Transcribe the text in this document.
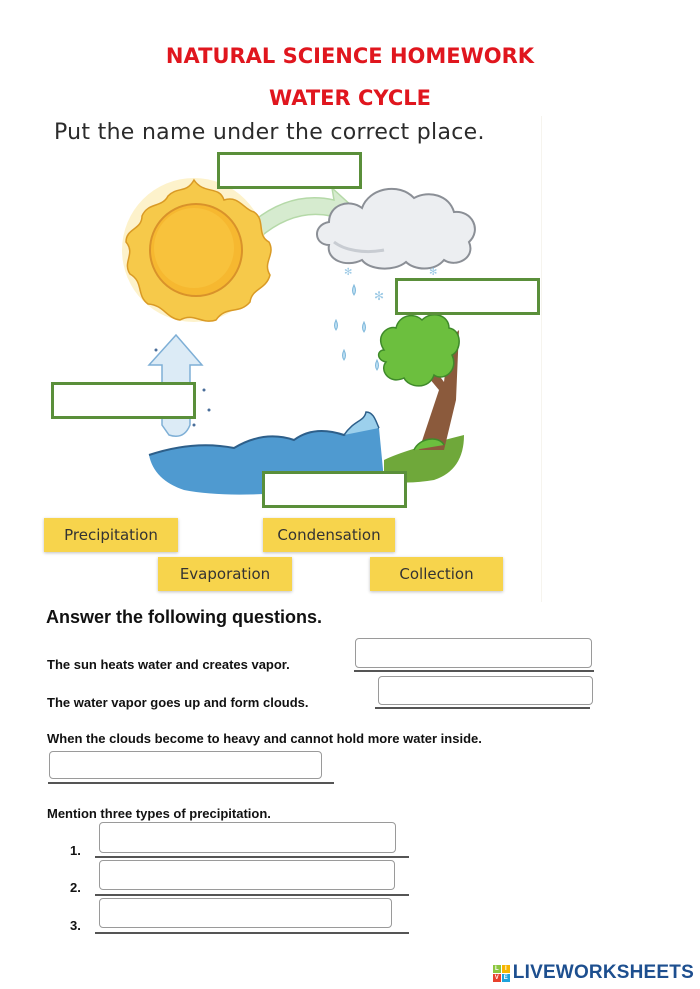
NATURAL SCIENCE HOMEWORK
WATER CYCLE
Put the name under the correct place.
✻
✻	✻
Precipitation	Condensation
Evaporation	Collection
Answer the following questions.
The sun heats water and creates vapor.
The water vapor goes up and form clouds.
When the clouds become to heavy and cannot hold more water inside.
Mention three types of precipitation.
1.
2.
3.
L	I
V E LIVEWORKSHEETS
